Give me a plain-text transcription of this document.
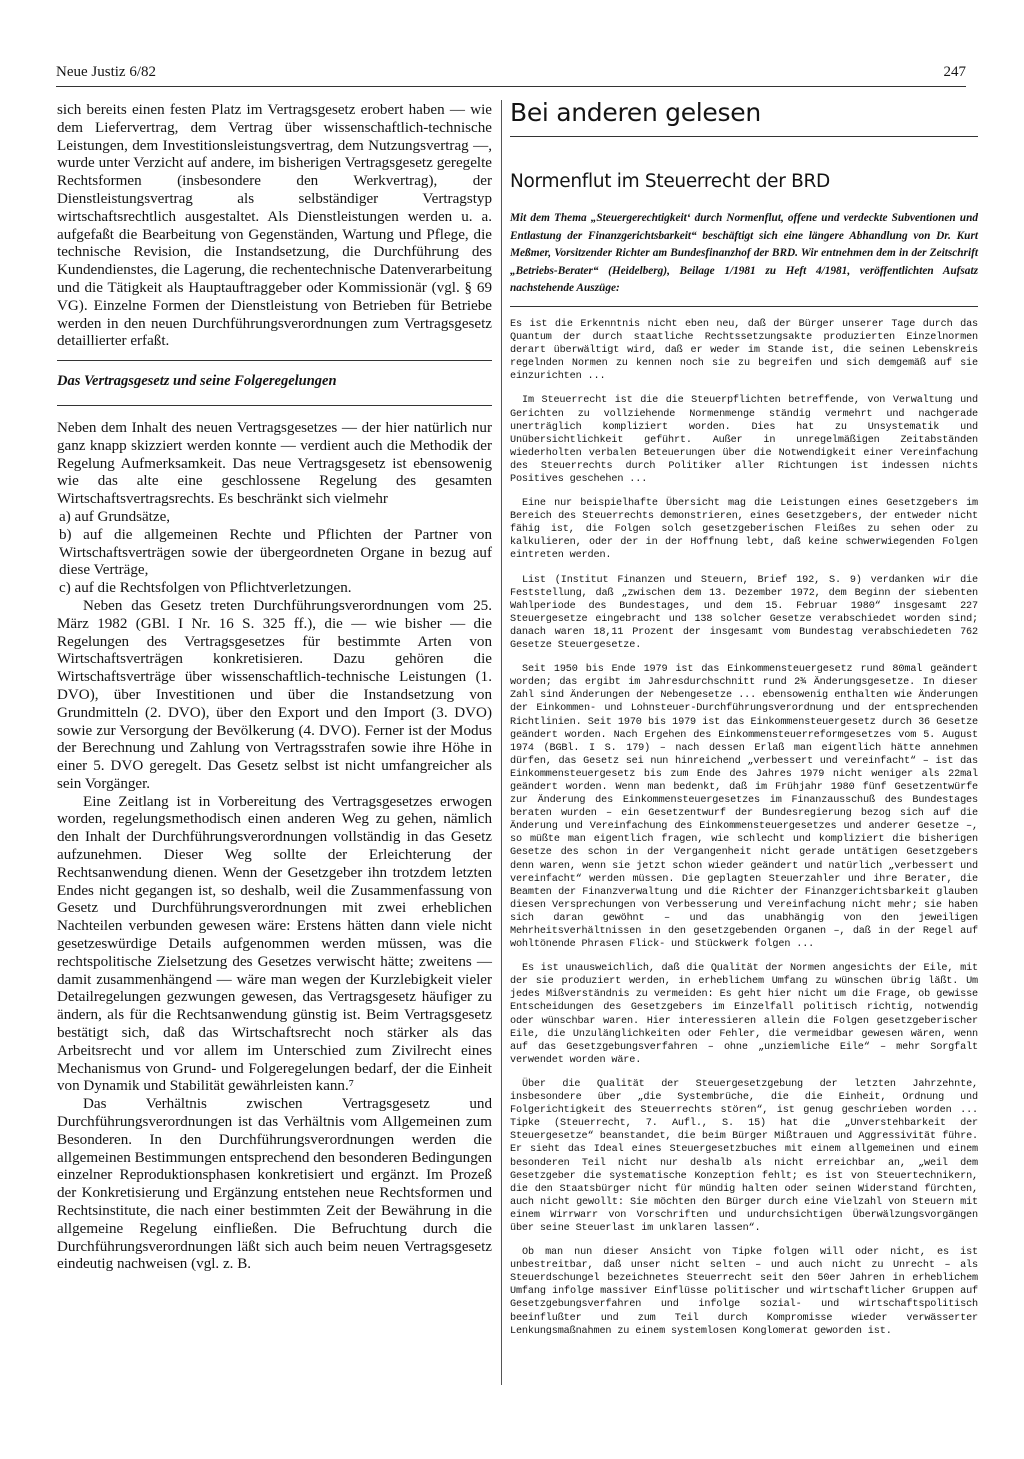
Neue Justiz 6/82	247

sich bereits einen festen Platz im Vertragsgesetz erobert haben — wie dem Liefervertrag, dem Vertrag über wissenschaftlich-technische Leistungen, dem Investitionsleistungsvertrag, dem Nutzungsvertrag —, wurde unter Verzicht auf andere, im bisherigen Vertragsgesetz geregelte Rechtsformen (insbesondere den Werkvertrag), der Dienstleistungsvertrag als selbständiger Vertragstyp wirtschaftsrechtlich ausgestaltet. Als Dienstleistungen werden u. a. aufgefaßt die Bearbeitung von Gegenständen, Wartung und Pflege, die technische Revision, die Instandsetzung, die Durchführung des Kundendienstes, die Lagerung, die rechentechnische Datenverarbeitung und die Tätigkeit als Hauptauftraggeber oder Kommissionär (vgl. § 69 VG). Einzelne Formen der Dienstleistung von Betrieben für Betriebe werden in den neuen Durchführungsverordnungen zum Vertragsgesetz detaillierter erfaßt.

Das Vertragsgesetz und seine Folgeregelungen

Neben dem Inhalt des neuen Vertragsgesetzes — der hier natürlich nur ganz knapp skizziert werden konnte — verdient auch die Methodik der Regelung Aufmerksamkeit. Das neue Vertragsgesetz ist ebensowenig wie das alte eine geschlossene Regelung des gesamten Wirtschaftsvertragsrechts. Es beschränkt sich vielmehr

a) auf Grundsätze,

b) auf die allgemeinen Rechte und Pflichten der Partner von Wirtschaftsverträgen sowie der übergeordneten Organe in bezug auf diese Verträge,

c) auf die Rechtsfolgen von Pflichtverletzungen.

Neben das Gesetz treten Durchführungsverordnungen vom 25. März 1982 (GBl. I Nr. 16 S. 325 ff.), die — wie bisher — die Regelungen des Vertragsgesetzes für bestimmte Arten von Wirtschaftsverträgen konkretisieren. Dazu gehören die Wirtschaftsverträge über wissenschaftlich-technische Leistungen (1. DVO), über Investitionen und über die Instandsetzung von Grundmitteln (2. DVO), über den Export und den Import (3. DVO) sowie zur Versorgung der Bevölkerung (4. DVO). Ferner ist der Modus der Berechnung und Zahlung von Vertragsstrafen sowie ihre Höhe in einer 5. DVO geregelt. Das Gesetz selbst ist nicht umfangreicher als sein Vorgänger.

Eine Zeitlang ist in Vorbereitung des Vertragsgesetzes erwogen worden, regelungsmethodisch einen anderen Weg zu gehen, nämlich den Inhalt der Durchführungsverordnungen vollständig in das Gesetz aufzunehmen. Dieser Weg sollte der Erleichterung der Rechtsanwendung dienen. Wenn der Gesetzgeber ihn trotzdem letzten Endes nicht gegangen ist, so deshalb, weil die Zusammenfassung von Gesetz und Durchführungsverordnungen mit zwei erheblichen Nachteilen verbunden gewesen wäre: Erstens hätten dann viele nicht gesetzeswürdige Details aufgenommen werden müssen, was die rechtspolitische Zielsetzung des Gesetzes verwischt hätte; zweitens — damit zusammenhängend — wäre man wegen der Kurzlebigkeit vieler Detailregelungen gezwungen gewesen, das Vertragsgesetz häufiger zu ändern, als für die Rechtsanwendung günstig ist. Beim Vertragsgesetz bestätigt sich, daß das Wirtschaftsrecht noch stärker als das Arbeitsrecht und vor allem im Unterschied zum Zivilrecht eines Mechanismus von Grund- und Folgeregelungen bedarf, der die Einheit von Dynamik und Stabilität gewährleisten kann.⁷

Das Verhältnis zwischen Vertragsgesetz und Durchführungsverordnungen ist das Verhältnis vom Allgemeinen zum Besonderen. In den Durchführungsverordnungen werden die allgemeinen Bestimmungen entsprechend den besonderen Bedingungen einzelner Reproduktionsphasen konkretisiert und ergänzt. Im Prozeß der Konkretisierung und Ergänzung entstehen neue Rechtsformen und Rechtsinstitute, die nach einer bestimmten Zeit der Bewährung in die allgemeine Regelung einfließen. Die Befruchtung durch die Durchführungsverordnungen läßt sich auch beim neuen Vertragsgesetz eindeutig nachweisen (vgl. z. B.

Bei anderen gelesen
Normenflut im Steuerrecht der BRD

Mit dem Thema „Steuergerechtigkeit‘ durch Normenflut, offene und verdeckte Subventionen und Entlastung der Finanzgerichtsbarkeit“ beschäftigt sich eine längere Abhandlung von Dr. Kurt Meßmer, Vorsitzender Richter am Bundesfinanzhof der BRD. Wir entnehmen dem in der Zeitschrift „Betriebs-Berater“ (Heidelberg), Beilage 1/1981 zu Heft 4/1981, veröffentlichten Aufsatz nachstehende Auszüge:

Es ist die Erkenntnis nicht eben neu, daß der Bürger unserer Tage durch das Quantum der durch staatliche Rechtssetzungsakte produzierten Einzelnormen derart überwältigt wird, daß er weder im Stande ist, die seinen Lebenskreis regelnden Normen zu kennen noch sie zu begreifen und sich demgemäß auf sie einzurichten ...

Im Steuerrecht ist die die Steuerpflichten betreffende, von Verwaltung und Gerichten zu vollziehende Normenmenge ständig vermehrt und nachgerade unerträglich kompliziert worden. Dies hat zu Unsystematik und Unübersichtlichkeit geführt. Außer in unregelmäßigen Zeitabständen wiederholten verbalen Beteuerungen über die Notwendigkeit einer Vereinfachung des Steuerrechts durch Politiker aller Richtungen ist indessen nichts Positives geschehen ...

Eine nur beispielhafte Übersicht mag die Leistungen eines Gesetzgebers im Bereich des Steuerrechts demonstrieren, eines Gesetzgebers, der entweder nicht fähig ist, die Folgen solch gesetzgeberischen Fleißes zu sehen oder zu kalkulieren, oder der in der Hoffnung lebt, daß keine schwerwiegenden Folgen eintreten werden.

List (Institut Finanzen und Steuern, Brief 192, S. 9) verdanken wir die Feststellung, daß „zwischen dem 13. Dezember 1972, dem Beginn der siebenten Wahlperiode des Bundestages, und dem 15. Februar 1980“ insgesamt 227 Steuergesetze eingebracht und 138 solcher Gesetze verabschiedet worden sind; danach waren 18,11 Prozent der insgesamt vom Bundestag verabschiedeten 762 Gesetze Steuergesetze.

Seit 1950 bis Ende 1979 ist das Einkommensteuergesetz rund 80mal geändert worden; das ergibt im Jahresdurchschnitt rund 2¾ Änderungsgesetze. In dieser Zahl sind Änderungen der Nebengesetze ... ebensowenig enthalten wie Änderungen der Einkommen- und Lohnsteuer-Durchführungsverordnung und der entsprechenden Richtlinien. Seit 1970 bis 1979 ist das Einkommensteuergesetz durch 36 Gesetze geändert worden. Nach Ergehen des Einkommensteuerreformgesetzes vom 5. August 1974 (BGBl. I S. 179) – nach dessen Erlaß man eigentlich hätte annehmen dürfen, das Gesetz sei nun hinreichend „verbessert und vereinfacht“ – ist das Einkommensteuergesetz bis zum Ende des Jahres 1979 nicht weniger als 22mal geändert worden. Wenn man bedenkt, daß im Frühjahr 1980 fünf Gesetzentwürfe zur Änderung des Einkommensteuergesetzes im Finanzausschuß des Bundestages beraten wurden – ein Gesetzentwurf der Bundesregierung bezog sich auf die Änderung und Vereinfachung des Einkommensteuergesetzes und anderer Gesetze –, so müßte man eigentlich fragen, wie schlecht und kompliziert die bisherigen Gesetze des schon in der Vergangenheit nicht gerade untätigen Gesetzgebers denn waren, wenn sie jetzt schon wieder geändert und natürlich „verbessert und vereinfacht“ werden müssen. Die geplagten Steuerzahler und ihre Berater, die Beamten der Finanzverwaltung und die Richter der Finanzgerichtsbarkeit glauben diesen Versprechungen von Verbesserung und Vereinfachung nicht mehr; sie haben sich daran gewöhnt – und das unabhängig von den jeweiligen Mehrheitsverhältnissen in den gesetzgebenden Organen –, daß in der Regel auf wohltönende Phrasen Flick- und Stückwerk folgen ...

Es ist unausweichlich, daß die Qualität der Normen angesichts der Eile, mit der sie produziert werden, in erheblichem Umfang zu wünschen übrig läßt. Um jedes Mißverständnis zu vermeiden: Es geht hier nicht um die Frage, ob gewisse Entscheidungen des Gesetzgebers im Einzelfall politisch richtig, notwendig oder wünschbar waren. Hier interessieren allein die Folgen gesetzgeberischer Eile, die Unzulänglichkeiten oder Fehler, die vermeidbar gewesen wären, wenn auf das Gesetzgebungsverfahren – ohne „unziemliche Eile“ – mehr Sorgfalt verwendet worden wäre.

Über die Qualität der Steuergesetzgebung der letzten Jahrzehnte, insbesondere über „die Systembrüche, die die Einheit, Ordnung und Folgerichtigkeit des Steuerrechts stören“, ist genug geschrieben worden ... Tipke (Steuerrecht, 7. Aufl., S. 15) hat die „Unverstehbarkeit der Steuergesetze“ beanstandet, die beim Bürger Mißtrauen und Aggressivität führe. Er sieht das Ideal eines Steuergesetzbuches mit einem allgemeinen und einem besonderen Teil nicht nur deshalb als nicht erreichbar an, „weil dem Gesetzgeber die systematische Konzeption fehlt; es ist von Steuertechnikern, die den Staatsbürger nicht für mündig halten oder seinen Widerstand fürchten, auch nicht gewollt: Sie möchten den Bürger durch eine Vielzahl von Steuern mit einem Wirrwarr von Vorschriften und undurchsichtigen Überwälzungsvorgängen über seine Steuerlast im unklaren lassen“.

Ob man nun dieser Ansicht von Tipke folgen will oder nicht, es ist unbestreitbar, daß unser nicht selten – und auch nicht zu Unrecht – als Steuerdschungel bezeichnetes Steuerrecht seit den 50er Jahren in erheblichem Umfang infolge massiver Einflüsse politischer und wirtschaftlicher Gruppen auf Gesetzgebungsverfahren und infolge sozial- und wirtschaftspolitisch beeinflußter und zum Teil durch Kompromisse wieder verwässerter Lenkungsmaßnahmen zu einem systemlosen Konglomerat geworden ist.
